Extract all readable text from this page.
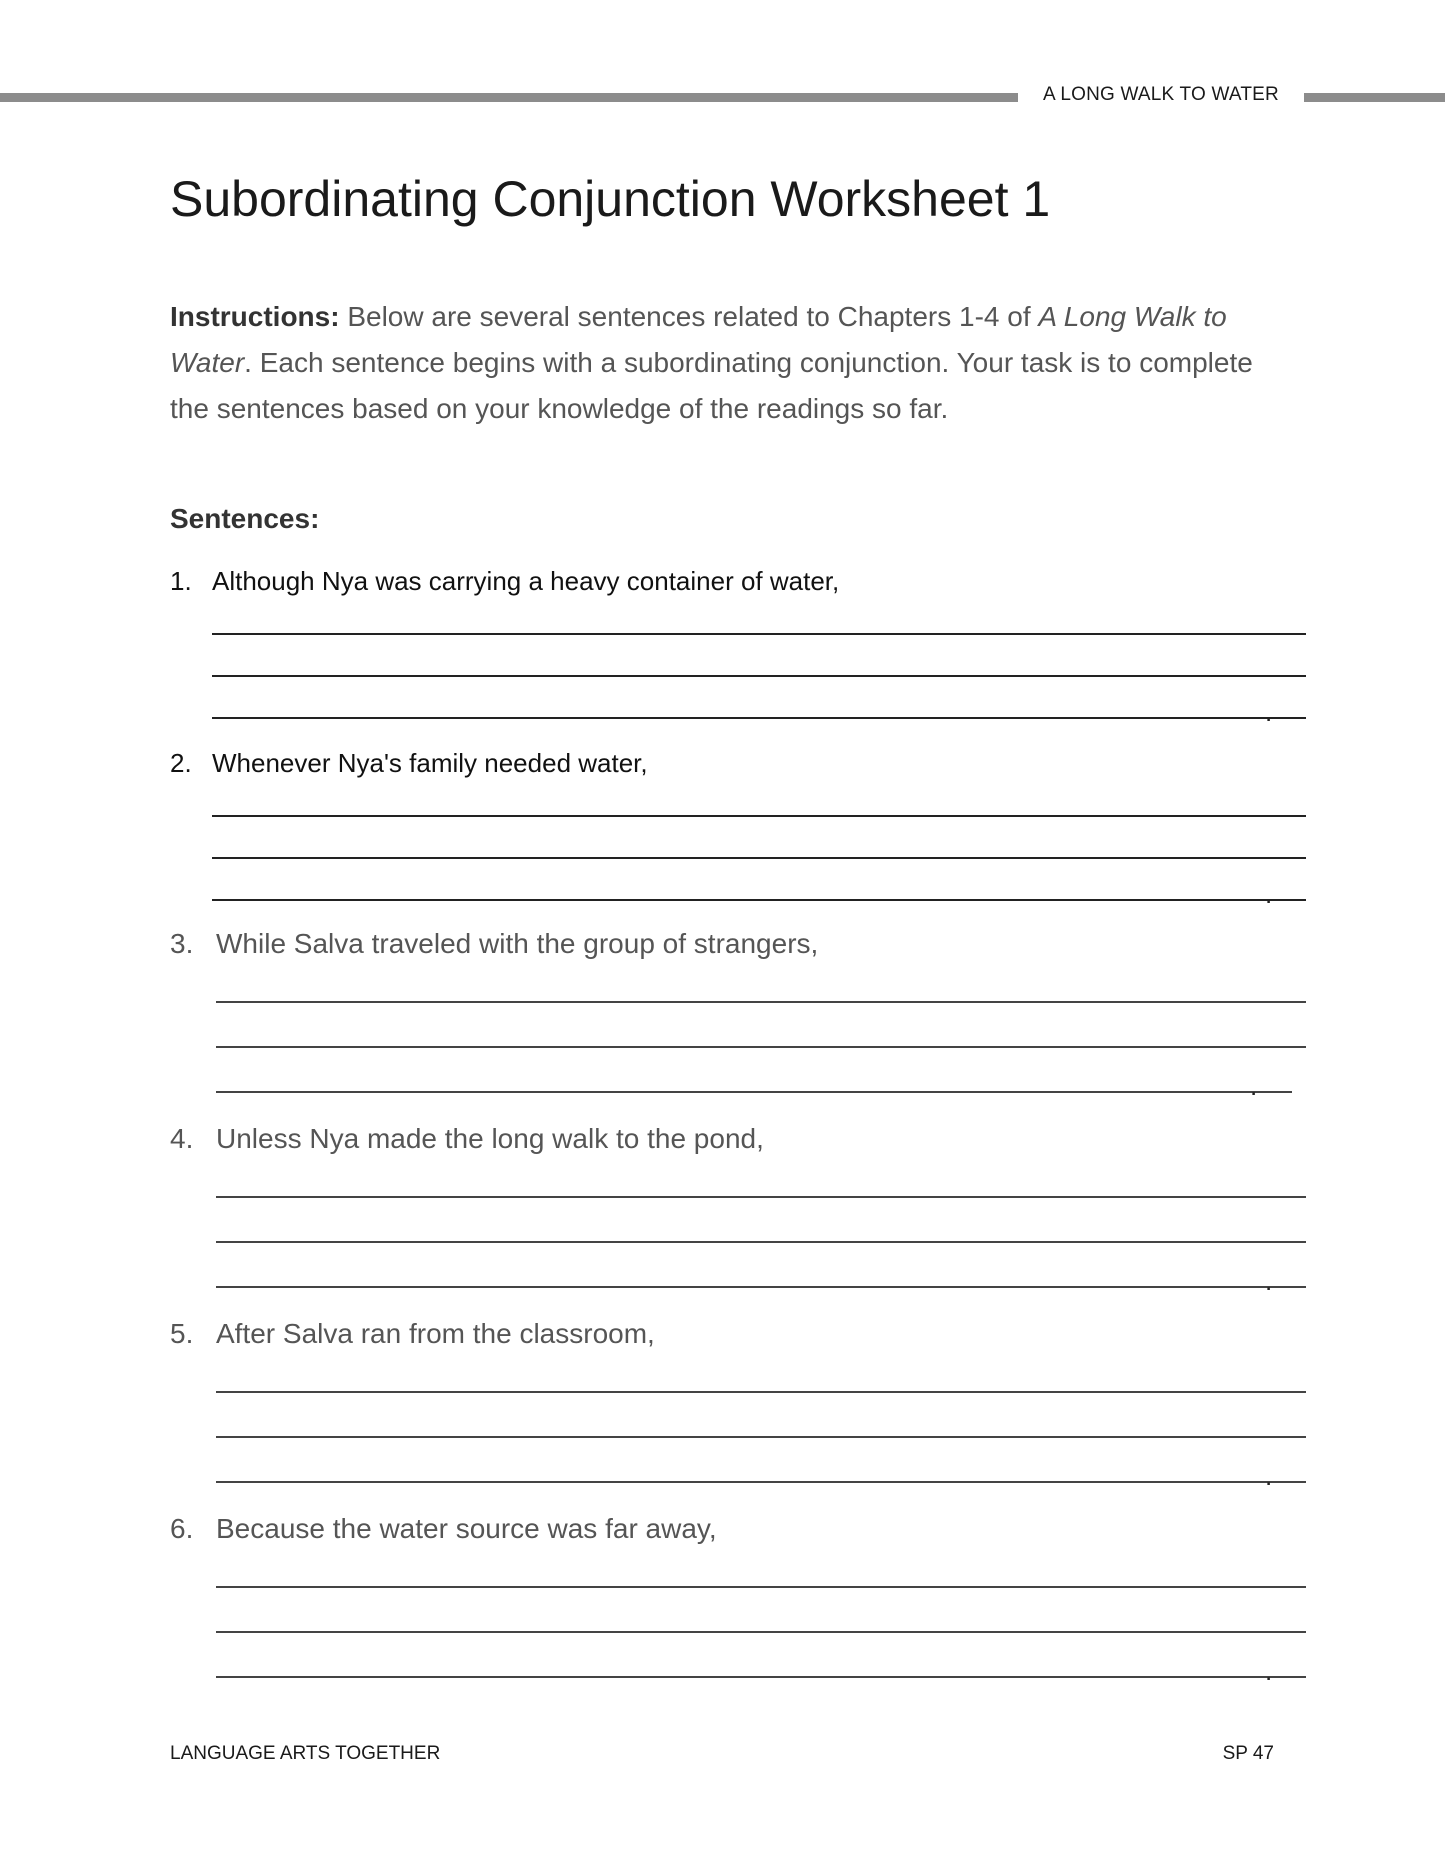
A LONG WALK TO WATER
Subordinating Conjunction Worksheet 1

Instructions: Below are several sentences related to Chapters 1-4 of A Long Walk to Water. Each sentence begins with a subordinating conjunction. Your task is to complete the sentences based on your knowledge of the readings so far.

Sentences:
1. Although Nya was carrying a heavy container of water,
.
2. Whenever Nya's family needed water,
.
3. While Salva traveled with the group of strangers,
.
4. Unless Nya made the long walk to the pond,
.
5. After Salva ran from the classroom,
.
6. Because the water source was far away,
.
LANGUAGE ARTS TOGETHER	SP 47
